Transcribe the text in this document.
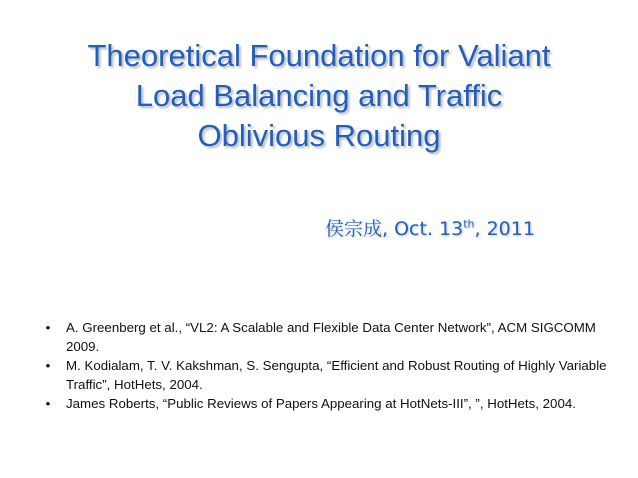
Theoretical Foundation for Valiant
Load Balancing and Traffic
Oblivious Routing
侯宗成, Oct. 13th, 2011
•	A. Greenberg et al., “VL2: A Scalable and Flexible Data Center Network”, ACM SIGCOMM 2009.
•	M. Kodialam, T. V. Kakshman, S. Sengupta, “Efficient and Robust Routing of Highly Variable Traffic”, HotHets, 2004.
•	James Roberts, “Public Reviews of Papers Appearing at HotNets-III”, ”, HotHets, 2004.
